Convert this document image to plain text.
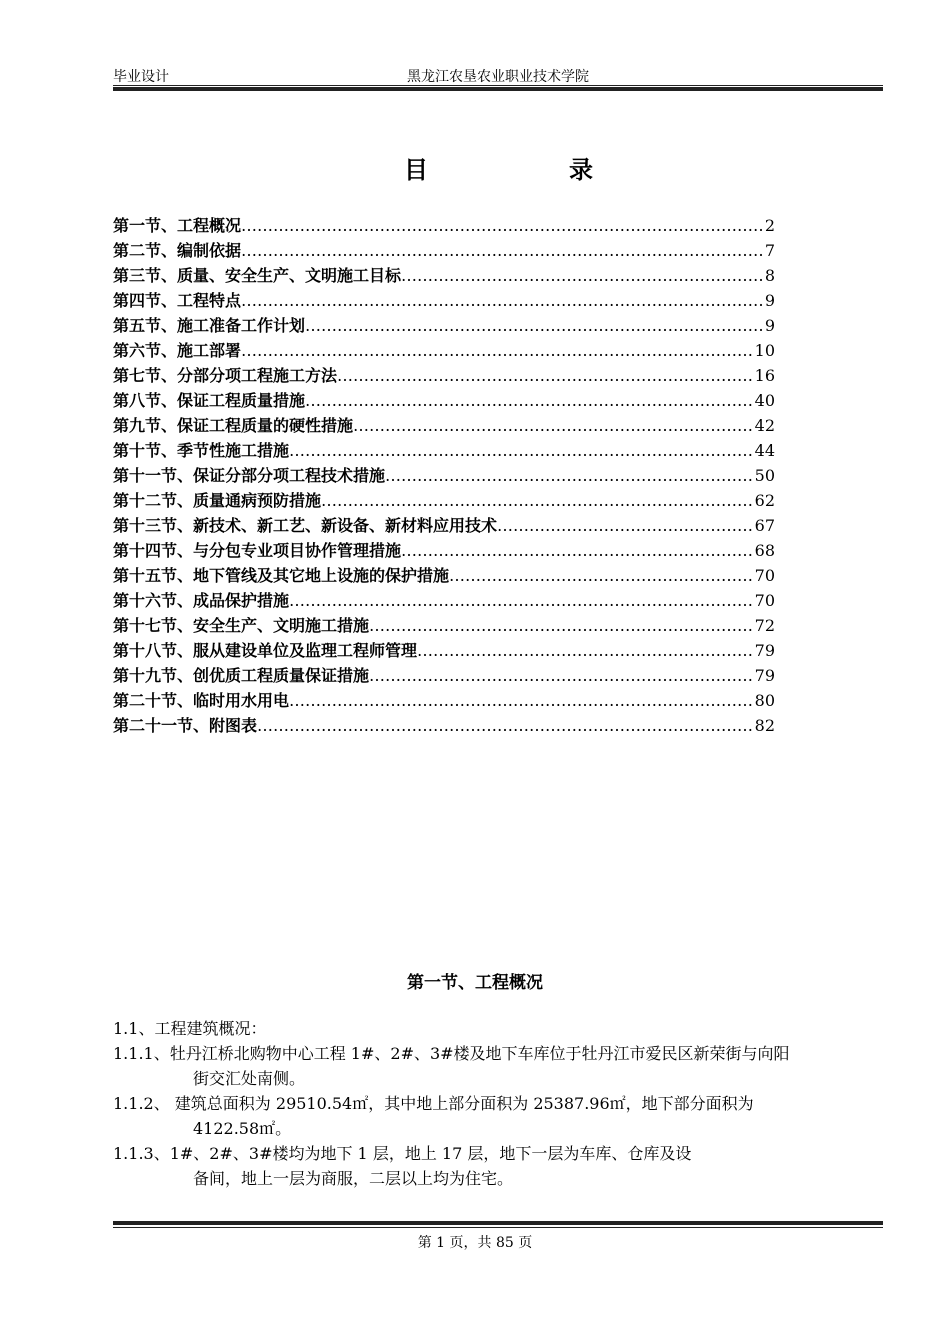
毕业设计	黑龙江农垦农业职业技术学院
目	录
第一节、工程概况 ………………………………………………………………………………………………………………………………………………………………	2
第二节、编制依据 ………………………………………………………………………………………………………………………………………………………………	7
第三节、质量、安全生产、文明施工目标 ………………………………………………………………………………………………………………………………………………………………	8
第四节、工程特点 ………………………………………………………………………………………………………………………………………………………………	9
第五节、施工准备工作计划 ………………………………………………………………………………………………………………………………………………………………	9
第六节、施工部署 ………………………………………………………………………………………………………………………………………………………………	10
第七节、分部分项工程施工方法 ………………………………………………………………………………………………………………………………………………………………	16
第八节、保证工程质量措施 ………………………………………………………………………………………………………………………………………………………………	40
第九节、保证工程质量的硬性措施 ………………………………………………………………………………………………………………………………………………………………	42
第十节、季节性施工措施 ………………………………………………………………………………………………………………………………………………………………	44
第十一节、保证分部分项工程技术措施 ………………………………………………………………………………………………………………………………………………………………	50
第十二节、质量通病预防措施 ………………………………………………………………………………………………………………………………………………………………	62
第十三节、新技术、新工艺、新设备、新材料应用技术 ………………………………………………………………………………………………………………………………………………………………	67
第十四节、与分包专业项目协作管理措施 ………………………………………………………………………………………………………………………………………………………………	68
第十五节、地下管线及其它地上设施的保护措施 ………………………………………………………………………………………………………………………………………………………………	70
第十六节、成品保护措施 ………………………………………………………………………………………………………………………………………………………………	70
第十七节、安全生产、文明施工措施 ………………………………………………………………………………………………………………………………………………………………	72
第十八节、服从建设单位及监理工程师管理 ………………………………………………………………………………………………………………………………………………………………	79
第十九节、创优质工程质量保证措施 ………………………………………………………………………………………………………………………………………………………………	79
第二十节、临时用水用电 ………………………………………………………………………………………………………………………………………………………………	80
第二十一节、附图表 ………………………………………………………………………………………………………………………………………………………………	82
第一节、工程概况

1.1、工程建筑概况：

1.1.1、牡丹江桥北购物中心工程 1#、2#、3#楼及地下车库位于牡丹江市爱民区新荣街与向阳

街交汇处南侧。

1.1.2、 建筑总面积为 29510.54㎡，其中地上部分面积为 25387.96㎡，地下部分面积为

4122.58㎡。

1.1.3、1#、2#、3#楼均为地下 1 层，地上 17 层，地下一层为车库、仓库及设

备间，地上一层为商服，二层以上均为住宅。

第 1 页，共 85 页
